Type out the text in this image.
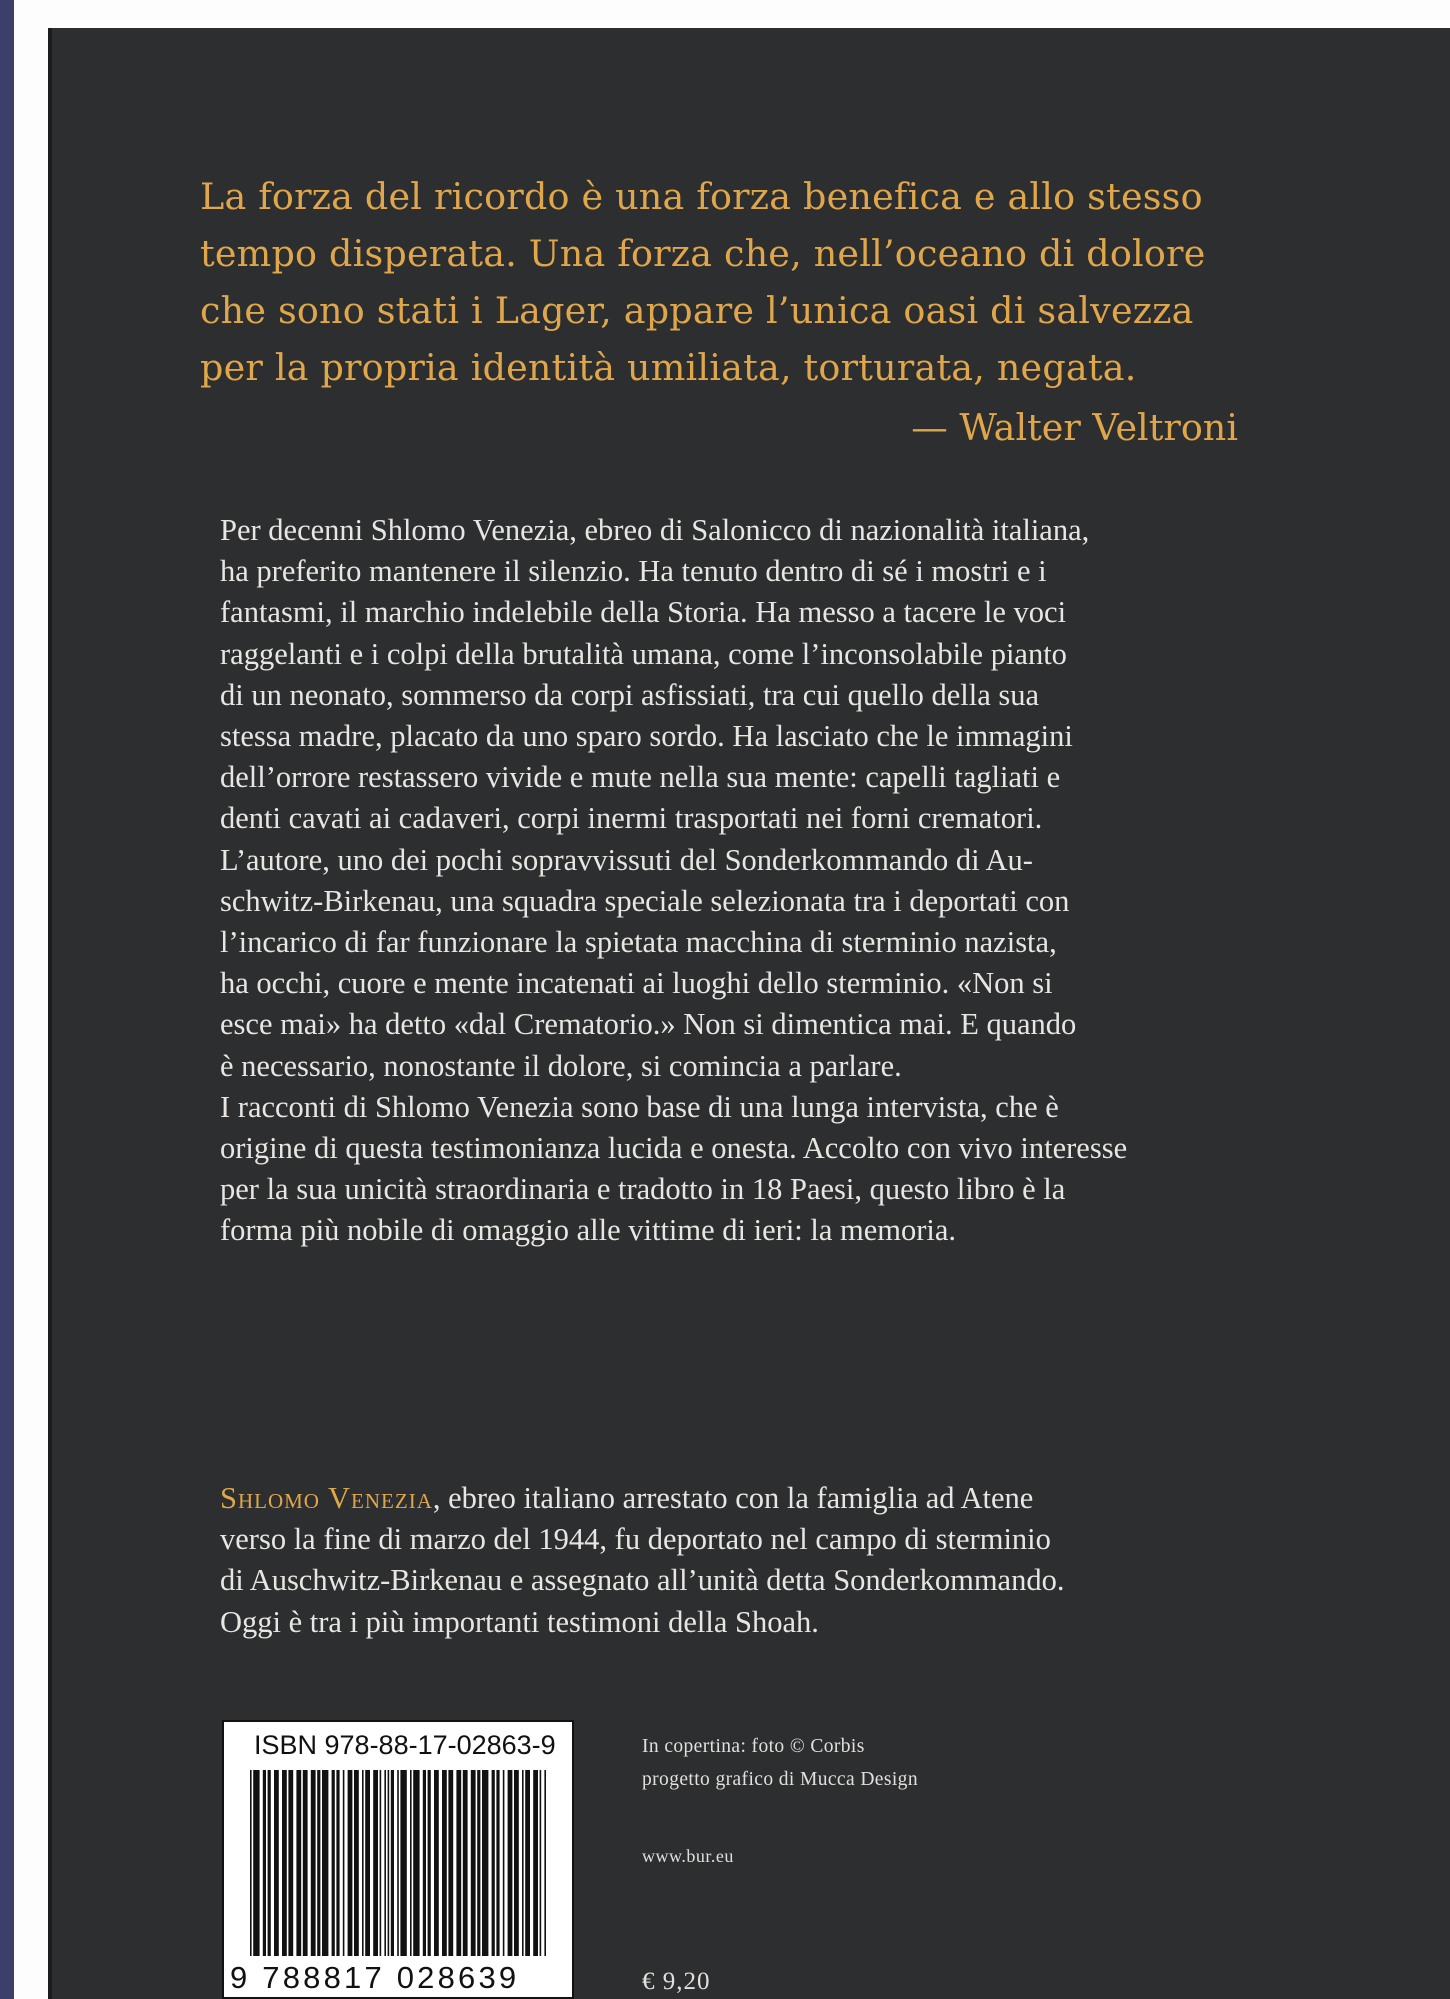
La forza del ricordo è una forza benefica e allo stesso

tempo disperata. Una forza che, nell’oceano di dolore

che sono stati i Lager, appare l’unica oasi di salvezza

per la propria identità umiliata, torturata, negata.

— Walter Veltroni

Per decenni Shlomo Venezia, ebreo di Salonicco di nazionalità italiana,

ha preferito mantenere il silenzio. Ha tenuto dentro di sé i mostri e i

fantasmi, il marchio indelebile della Storia. Ha messo a tacere le voci

raggelanti e i colpi della brutalità umana, come l’inconsolabile pianto

di un neonato, sommerso da corpi asfissiati, tra cui quello della sua

stessa madre, placato da uno sparo sordo. Ha lasciato che le immagini

dell’orrore restassero vivide e mute nella sua mente: capelli tagliati e

denti cavati ai cadaveri, corpi inermi trasportati nei forni crematori.

L’autore, uno dei pochi sopravvissuti del Sonderkommando di Au-

schwitz-Birkenau, una squadra speciale selezionata tra i deportati con

l’incarico di far funzionare la spietata macchina di sterminio nazista,

ha occhi, cuore e mente incatenati ai luoghi dello sterminio. «Non si

esce mai» ha detto «dal Crematorio.» Non si dimentica mai. E quando

è necessario, nonostante il dolore, si comincia a parlare.

I racconti di Shlomo Venezia sono base di una lunga intervista, che è

origine di questa testimonianza lucida e onesta. Accolto con vivo interesse

per la sua unicità straordinaria e tradotto in 18 Paesi, questo libro è la

forma più nobile di omaggio alle vittime di ieri: la memoria.

Shlomo Venezia, ebreo italiano arrestato con la famiglia ad Atene

verso la fine di marzo del 1944, fu deportato nel campo di sterminio

di Auschwitz-Birkenau e assegnato all’unità detta Sonderkommando.

Oggi è tra i più importanti testimoni della Shoah.

ISBN 978-88-17-02863-9
9 788817 028639
In copertina: foto © Corbis
progetto grafico di Mucca Design
www.bur.eu
€ 9,20
